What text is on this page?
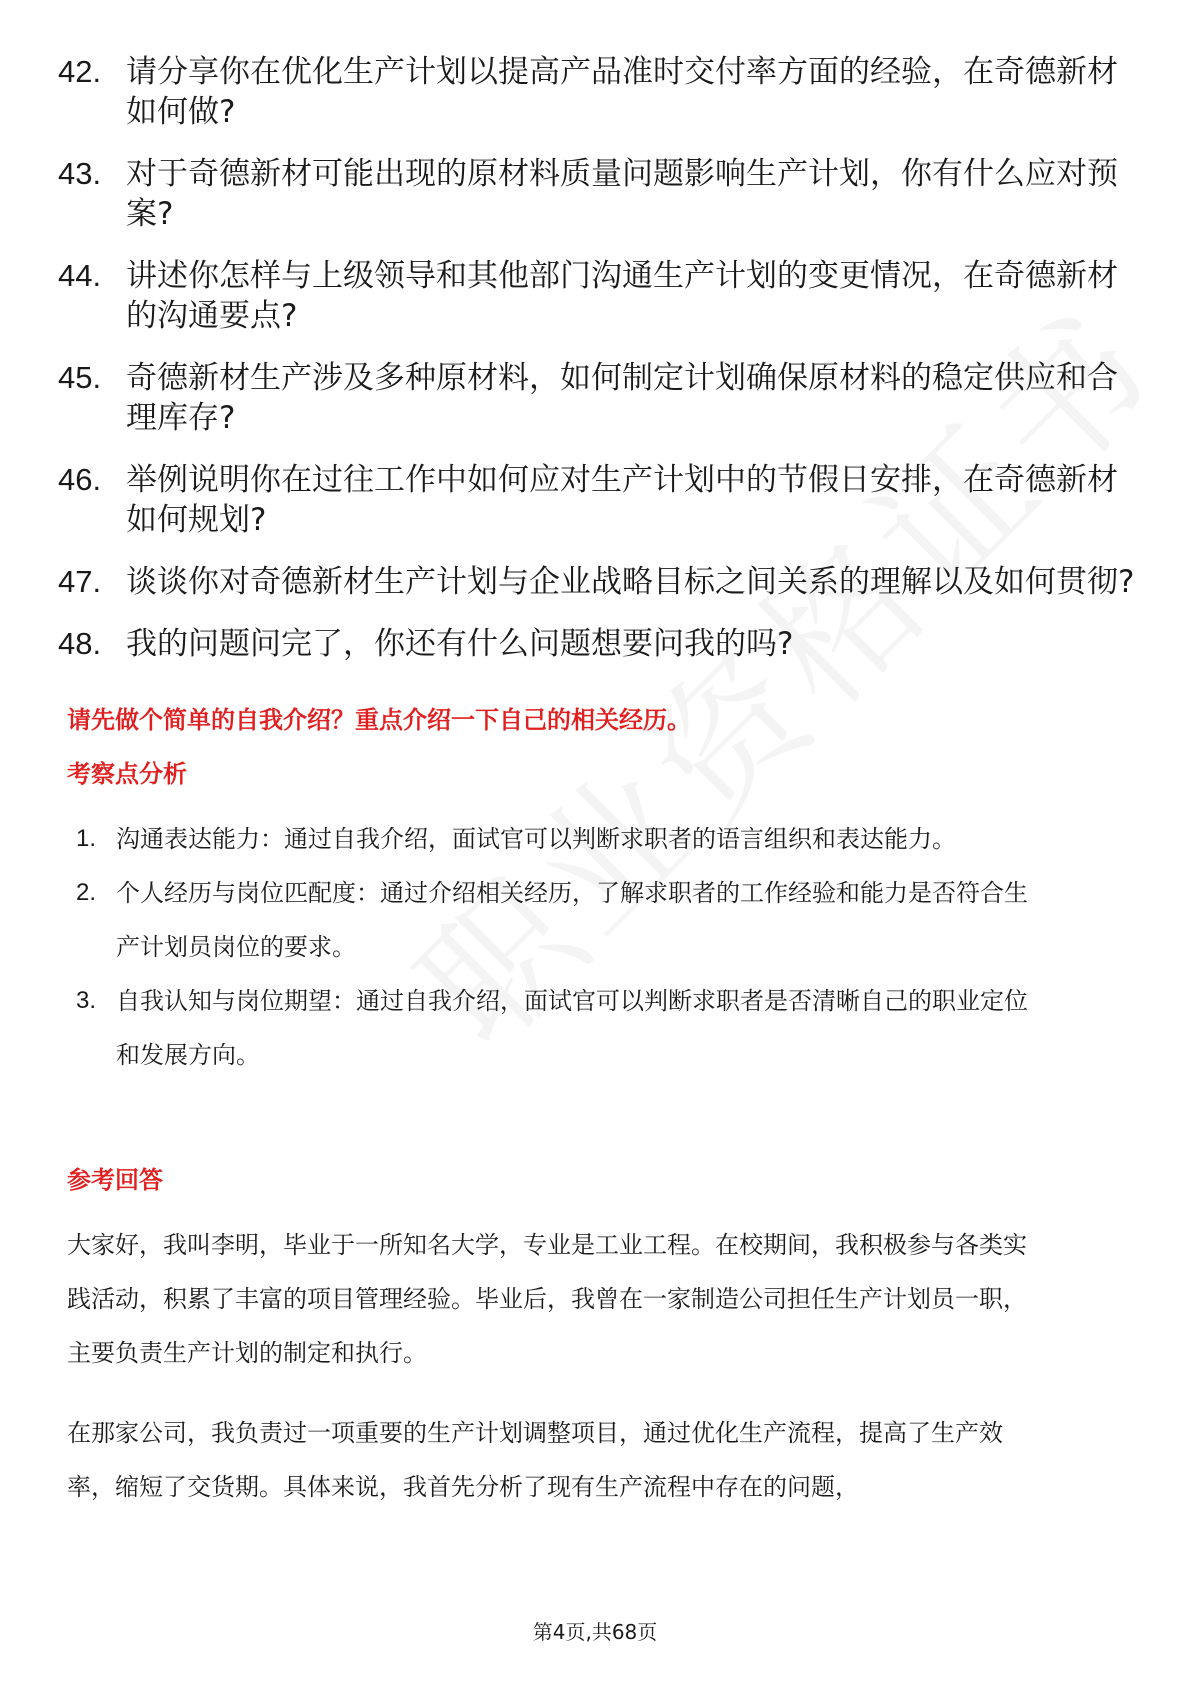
42. 请分享你在优化生产计划以提高产品准时交付率方面的经验，在奇德新材如何做?
43. 对于奇德新材可能出现的原材料质量问题影响生产计划，你有什么应对预案?
44. 讲述你怎样与上级领导和其他部门沟通生产计划的变更情况，在奇德新材的沟通要点?
45. 奇德新材生产涉及多种原材料，如何制定计划确保原材料的稳定供应和合理库存?
46. 举例说明你在过往工作中如何应对生产计划中的节假日安排，在奇德新材如何规划?
47. 谈谈你对奇德新材生产计划与企业战略目标之间关系的理解以及如何贯彻?
48. 我的问题问完了，你还有什么问题想要问我的吗?
请先做个简单的自我介绍？重点介绍一下自己的相关经历。
考察点分析
1. 沟通表达能力：通过自我介绍，面试官可以判断求职者的语言组织和表达能力。
2. 个人经历与岗位匹配度：通过介绍相关经历，了解求职者的工作经验和能力是否符合生产计划员岗位的要求。
3. 自我认知与岗位期望：通过自我介绍，面试官可以判断求职者是否清晰自己的职业定位和发展方向。
参考回答
大家好，我叫李明，毕业于一所知名大学，专业是工业工程。在校期间，我积极参与各类实践活动，积累了丰富的项目管理经验。毕业后，我曾在一家制造公司担任生产计划员一职，主要负责生产计划的制定和执行。
在那家公司，我负责过一项重要的生产计划调整项目，通过优化生产流程，提高了生产效率，缩短了交货期。具体来说，我首先分析了现有生产流程中存在的问题，
第4页,共68页
